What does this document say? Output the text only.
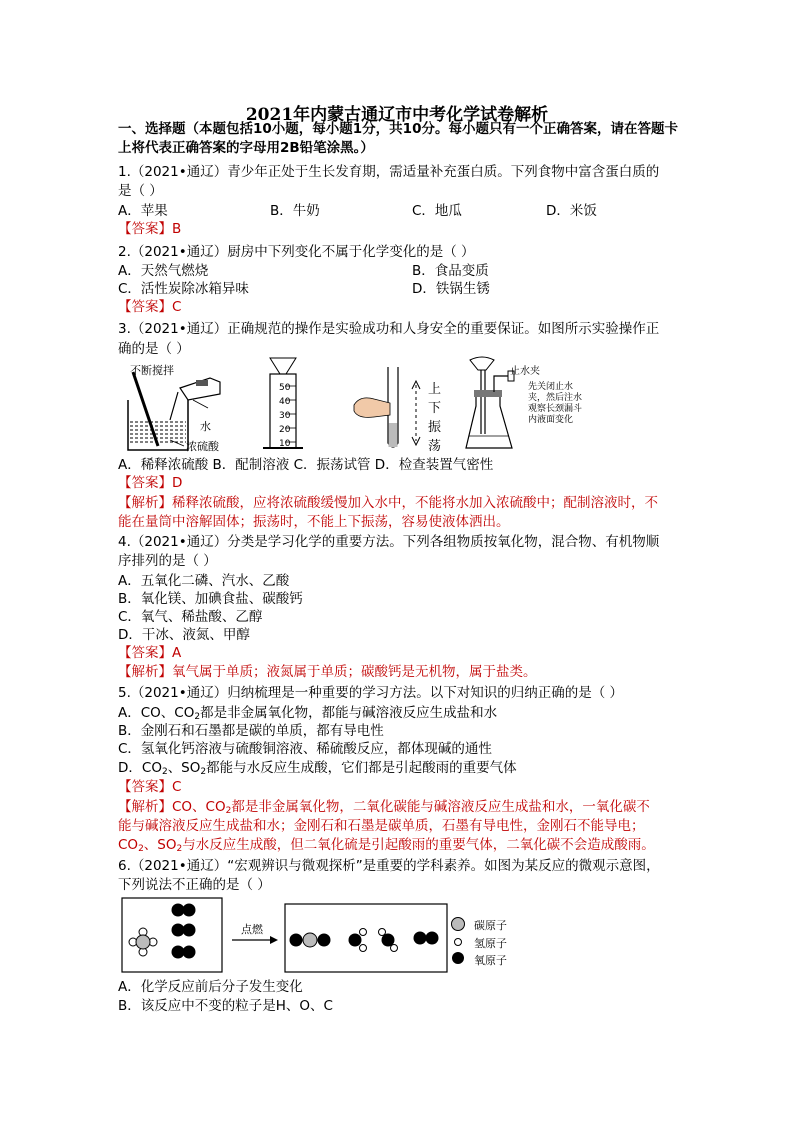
2021年内蒙古通辽市中考化学试卷解析
一、选择题（本题包括10小题，每小题1分，共10分。每小题只有一个正确答案，请在答题卡上将代表正确答案的字母用2B铅笔涂黑。）
1.（2021•通辽）青少年正处于生长发育期，需适量补充蛋白质。下列食物中富含蛋白质的
是（ ）
A．苹果	B．牛奶	C．地瓜	D．米饭
【答案】B
2.（2021•通辽）厨房中下列变化不属于化学变化的是（ ）
A．天然气燃烧	B．食品变质
C．活性炭除冰箱异味	D．铁锅生锈
【答案】C
3.（2021•通辽）正确规范的操作是实验成功和人身安全的重要保证。如图所示实验操作正
确的是（ ）
不断搅拌
水
浓硫酸
50
40
30
20
10
上
下
振
荡
止水夹
先关闭止水
夹，然后注水
观察长颈漏斗
内液面变化
A．稀释浓硫酸 B．配制溶液 C．振荡试管 D．检查装置气密性
【答案】D
【解析】稀释浓硫酸，应将浓硫酸缓慢加入水中，不能将水加入浓硫酸中；配制溶液时，不
能在量筒中溶解固体；振荡时，不能上下振荡，容易使液体洒出。
4.（2021•通辽）分类是学习化学的重要方法。下列各组物质按氧化物，混合物、有机物顺
序排列的是（ ）
A．五氧化二磷、汽水、乙酸
B．氧化镁、加碘食盐、碳酸钙
C．氧气、稀盐酸、乙醇
D．干冰、液氮、甲醇
【答案】A
【解析】氧气属于单质；液氮属于单质；碳酸钙是无机物，属于盐类。
5.（2021•通辽）归纳梳理是一种重要的学习方法。以下对知识的归纳正确的是（ ）
A．CO、$CO_2$都是非金属氧化物，都能与碱溶液反应生成盐和水
B．金刚石和石墨都是碳的单质，都有导电性
C．氢氧化钙溶液与硫酸铜溶液、稀硫酸反应，都体现碱的通性
D．$CO_2$、$SO_2$都能与水反应生成酸，它们都是引起酸雨的重要气体
【答案】C
【解析】CO、$CO_2$都是非金属氧化物，二氧化碳能与碱溶液反应生成盐和水，一氧化碳不
能与碱溶液反应生成盐和水；金刚石和石墨是碳单质，石墨有导电性，金刚石不能导电；
$CO_2$、$SO_2$与水反应生成酸，但二氧化硫是引起酸雨的重要气体，二氧化碳不会造成酸雨。
6.（2021•通辽）“宏观辨识与微观探析”是重要的学科素养。如图为某反应的微观示意图，
下列说法不正确的是（ ）
点燃	碳原子
氢原子
氧原子
A．化学反应前后分子发生变化
B．该反应中不变的粒子是H、O、C
